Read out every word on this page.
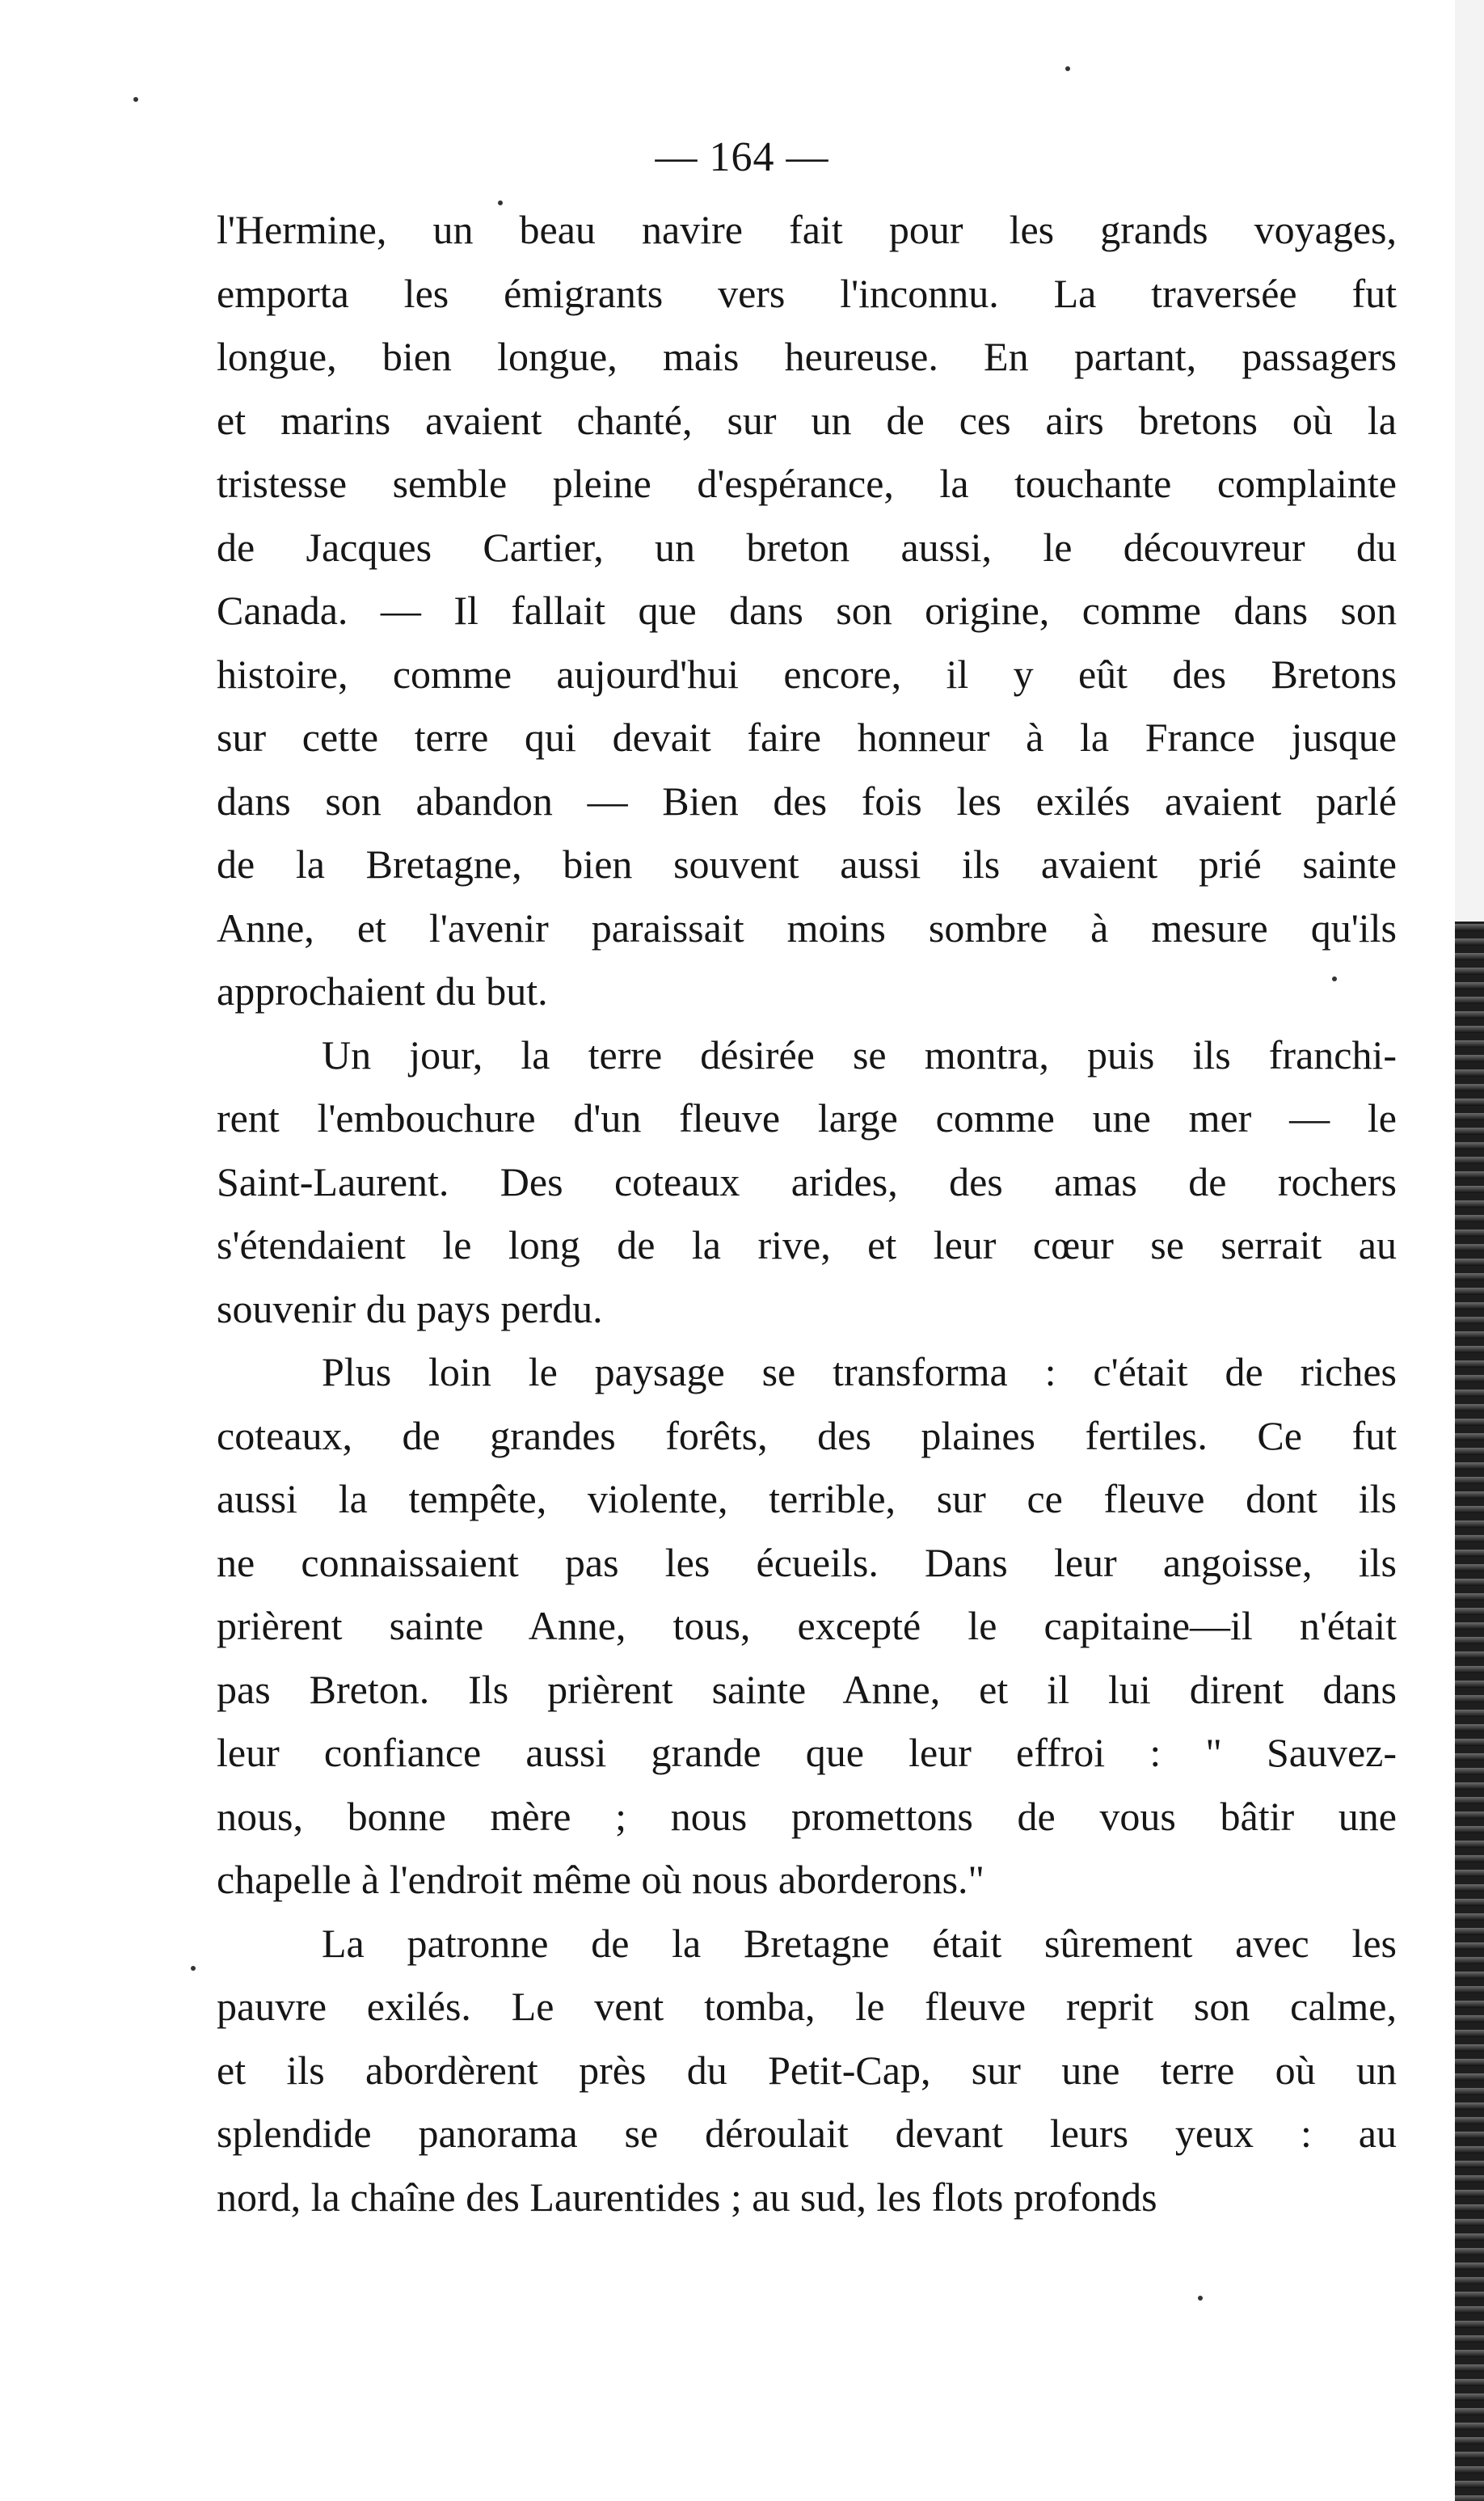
— 164 —
l'Hermine, un beau navire fait pour les grands voyages,
emporta les émigrants vers l'inconnu. La traversée fut
longue, bien longue, mais heureuse. En partant, passagers
et marins avaient chanté, sur un de ces airs bretons où la
tristesse semble pleine d'espérance, la touchante complainte
de Jacques Cartier, un breton aussi, le découvreur du
Canada. — Il fallait que dans son origine, comme dans son
histoire, comme aujourd'hui encore, il y eût des Bretons
sur cette terre qui devait faire honneur à la France jusque
dans son abandon — Bien des fois les exilés avaient parlé
de la Bretagne, bien souvent aussi ils avaient prié sainte
Anne, et l'avenir paraissait moins sombre à mesure qu'ils
approchaient du but.
Un jour, la terre désirée se montra, puis ils franchi-
rent l'embouchure d'un fleuve large comme une mer — le
Saint-Laurent. Des coteaux arides, des amas de rochers
s'étendaient le long de la rive, et leur cœur se serrait au
souvenir du pays perdu.
Plus loin le paysage se transforma : c'était de riches
coteaux, de grandes forêts, des plaines fertiles. Ce fut
aussi la tempête, violente, terrible, sur ce fleuve dont ils
ne connaissaient pas les écueils. Dans leur angoisse, ils
prièrent sainte Anne, tous, excepté le capitaine—il n'était
pas Breton. Ils prièrent sainte Anne, et il lui dirent dans
leur confiance aussi grande que leur effroi : " Sauvez-
nous, bonne mère ; nous promettons de vous bâtir une
chapelle à l'endroit même où nous aborderons."
La patronne de la Bretagne était sûrement avec les
pauvre exilés. Le vent tomba, le fleuve reprit son calme,
et ils abordèrent près du Petit-Cap, sur une terre où un
splendide panorama se déroulait devant leurs yeux : au
nord, la chaîne des Laurentides ; au sud, les flots profonds
